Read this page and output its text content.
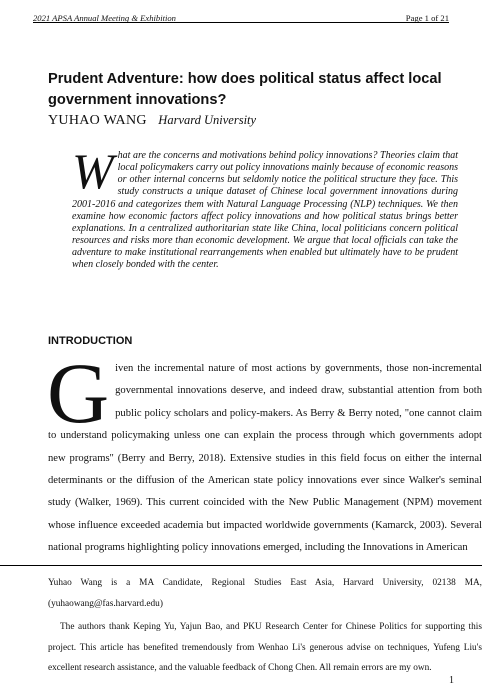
2021 APSA Annual Meeting & Exhibition	Page 1 of 21
Prudent Adventure: how does political status affect local government innovations?
YUHAO WANG Harvard University
W hat are the concerns and motivations behind policy innovations? Theories claim that local policymakers carry out policy innovations mainly because of economic reasons or other internal concerns but seldomly notice the political structure they face. This study constructs a unique dataset of Chinese local government innovations during 2001-2016 and categorizes them with Natural Language Processing (NLP) techniques. We then examine how economic factors affect policy innovations and how political status brings better explanations. In a centralized authoritarian state like China, local politicians concern political resources and risks more than economic development. We argue that local officials can take the adventure to make institutional rearrangements when enabled but ultimately have to be prudent when closely bonded with the center.
INTRODUCTION
G iven the incremental nature of most actions by governments, those non-incremental governmental innovations deserve, and indeed draw, substantial attention from both public policy scholars and policy-makers. As Berry & Berry noted, "one cannot claim to understand policymaking unless one can explain the process through which governments adopt new programs" (Berry and Berry, 2018). Extensive studies in this field focus on either the internal determinants or the diffusion of the American state policy innovations ever since Walker's seminal study (Walker, 1969). This current coincided with the New Public Management (NPM) movement whose influence exceeded academia but impacted worldwide governments (Kamarck, 2003). Several national programs highlighting policy innovations emerged, including the Innovations in American

Yuhao Wang is a MA Candidate, Regional Studies East Asia, Harvard University, 02138 MA, (yuhaowang@fas.harvard.edu)

The authors thank Keping Yu, Yajun Bao, and PKU Research Center for Chinese Politics for supporting this project. This article has benefited tremendously from Wenhao Li's generous advise on techniques, Yufeng Liu's excellent research assistance, and the valuable feedback of Chong Chen. All remain errors are my own.

1
